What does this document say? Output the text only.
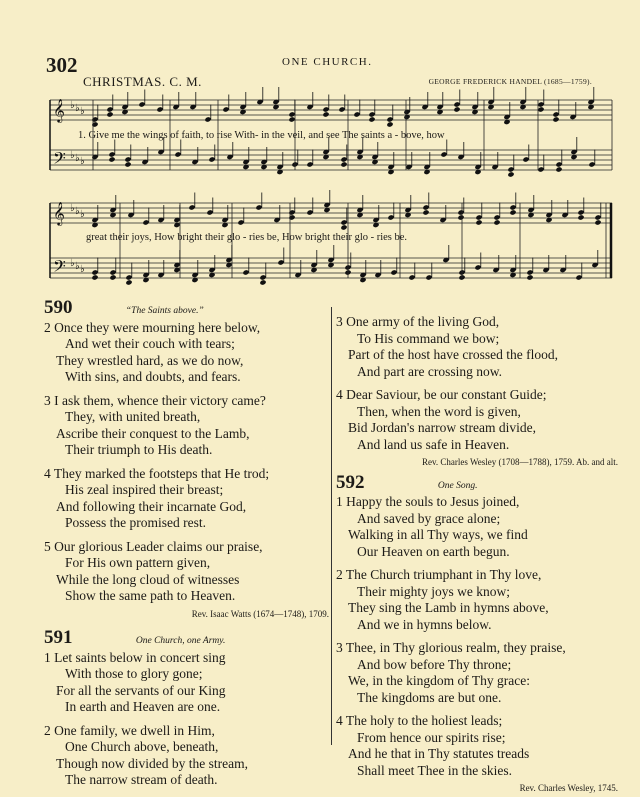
302	ONE CHURCH.
CHRISTMAS. C. M.	GEORGE FREDERICK HANDEL (1685—1759).
𝄞 ♭ ♭ ♭
𝄢 ♭ ♭ ♭
𝄞 ♭ ♭ ♭
𝄢 ♭ ♭ ♭
1. Give me the wings of faith, to rise With- in the veil, and see The saints a - bove, how
great their joys, How bright their glo - ries be, How bright their glo - ries be.
590	“The Saints above.”
2 Once they were mourning here below,
And wet their couch with tears;
They wrestled hard, as we do now,
With sins, and doubts, and fears.
3 I ask them, whence their victory came?
They, with united breath,
Ascribe their conquest to the Lamb,
Their triumph to His death.
4 They marked the footsteps that He trod;
His zeal inspired their breast;
And following their incarnate God,
Possess the promised rest.
5 Our glorious Leader claims our praise,
For His own pattern given,
While the long cloud of witnesses
Show the same path to Heaven.
Rev. Isaac Watts (1674—1748), 1709.
591	One Church, one Army.
1 Let saints below in concert sing
With those to glory gone;
For all the servants of our King
In earth and Heaven are one.
2 One family, we dwell in Him,
One Church above, beneath,
Though now divided by the stream,
The narrow stream of death.
3 One army of the living God,
To His command we bow;
Part of the host have crossed the flood,
And part are crossing now.
4 Dear Saviour, be our constant Guide;
Then, when the word is given,
Bid Jordan's narrow stream divide,
And land us safe in Heaven.
Rev. Charles Wesley (1708—1788), 1759. Ab. and alt.
592	One Song.
1 Happy the souls to Jesus joined,
And saved by grace alone;
Walking in all Thy ways, we find
Our Heaven on earth begun.
2 The Church triumphant in Thy love,
Their mighty joys we know;
They sing the Lamb in hymns above,
And we in hymns below.
3 Thee, in Thy glorious realm, they praise,
And bow before Thy throne;
We, in the kingdom of Thy grace:
The kingdoms are but one.
4 The holy to the holiest leads;
From hence our spirits rise;
And he that in Thy statutes treads
Shall meet Thee in the skies.
Rev. Charles Wesley, 1745.
